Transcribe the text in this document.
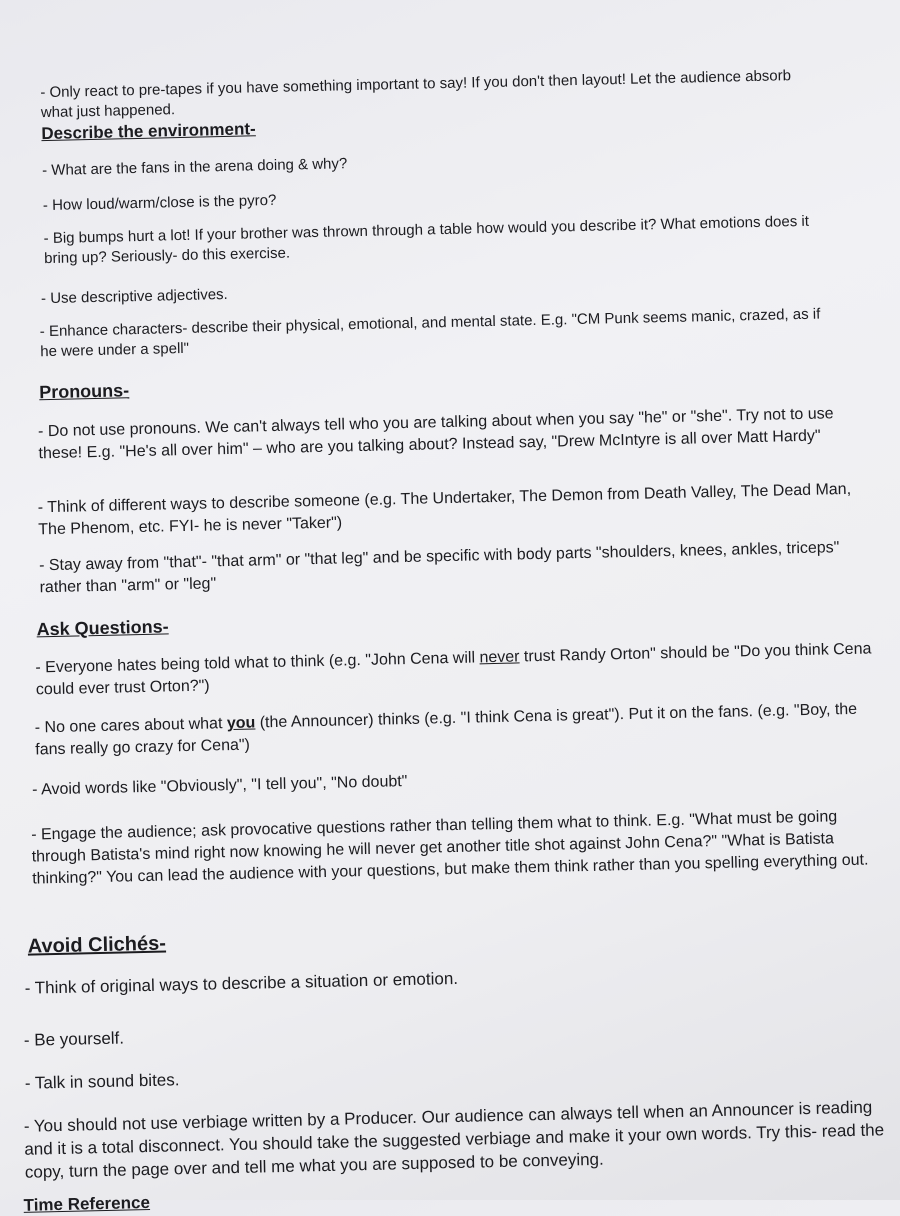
- Only react to pre-tapes if you have something important to say! If you don't then layout! Let the audience absorb what just happened.
Describe the environment-
- What are the fans in the arena doing & why?
- How loud/warm/close is the pyro?
- Big bumps hurt a lot! If your brother was thrown through a table how would you describe it? What emotions does it bring up? Seriously- do this exercise.
- Use descriptive adjectives.
- Enhance characters- describe their physical, emotional, and mental state. E.g. "CM Punk seems manic, crazed, as if he were under a spell"
Pronouns-
- Do not use pronouns. We can't always tell who you are talking about when you say "he" or "she". Try not to use these! E.g. "He's all over him" – who are you talking about? Instead say, "Drew McIntyre is all over Matt Hardy"
- Think of different ways to describe someone (e.g. The Undertaker, The Demon from Death Valley, The Dead Man, The Phenom, etc. FYI- he is never "Taker")
- Stay away from "that"- "that arm" or "that leg" and be specific with body parts "shoulders, knees, ankles, triceps" rather than "arm" or "leg"
Ask Questions-
- Everyone hates being told what to think (e.g. "John Cena will never trust Randy Orton" should be "Do you think Cena could ever trust Orton?")
- No one cares about what you (the Announcer) thinks (e.g. "I think Cena is great"). Put it on the fans. (e.g. "Boy, the fans really go crazy for Cena")
- Avoid words like "Obviously", "I tell you", "No doubt"
- Engage the audience; ask provocative questions rather than telling them what to think. E.g. "What must be going through Batista's mind right now knowing he will never get another title shot against John Cena?" "What is Batista thinking?" You can lead the audience with your questions, but make them think rather than you spelling everything out.
Avoid Clichés-
- Think of original ways to describe a situation or emotion.
- Be yourself.
- Talk in sound bites.
- You should not use verbiage written by a Producer. Our audience can always tell when an Announcer is reading and it is a total disconnect. You should take the suggested verbiage and make it your own words. Try this- read the copy, turn the page over and tell me what you are supposed to be conveying.
Time Reference
